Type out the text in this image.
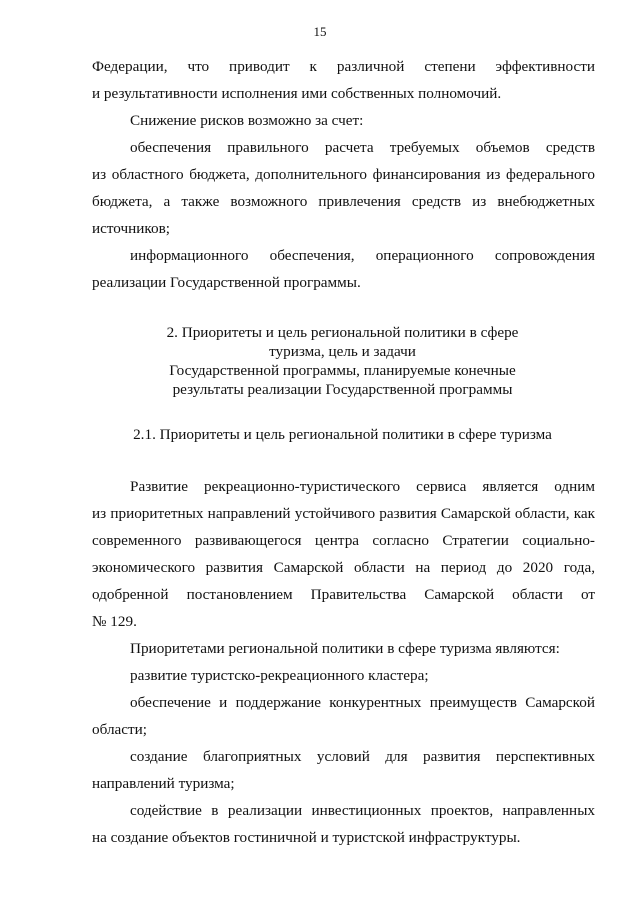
15
Федерации, что приводит к различной степени эффективности
и результативности исполнения ими собственных полномочий.
Снижение рисков возможно за счет:
обеспечения правильного расчета требуемых объемов средств
из областного бюджета, дополнительного финансирования из федерального
бюджета, а также возможного привлечения средств из внебюджетных
источников;
информационного обеспечения, операционного сопровождения
реализации Государственной программы.
2. Приоритеты и цель региональной политики в сфере
туризма, цель и задачи
Государственной программы, планируемые конечные
результаты реализации Государственной программы
2.1. Приоритеты и цель региональной политики в сфере туризма
Развитие рекреационно-туристического сервиса является одним
из приоритетных направлений устойчивого развития Самарской области, как
современного развивающегося центра согласно Стратегии социально-
экономического развития Самарской области на период до 2020 года,
одобренной постановлением Правительства Самарской области от
№ 129.
Приоритетами региональной политики в сфере туризма являются:
развитие туристско-рекреационного кластера;
обеспечение и поддержание конкурентных преимуществ Самарской
области;
создание благоприятных условий для развития перспективных
направлений туризма;
содействие в реализации инвестиционных проектов, направленных
на создание объектов гостиничной и туристской инфраструктуры.
